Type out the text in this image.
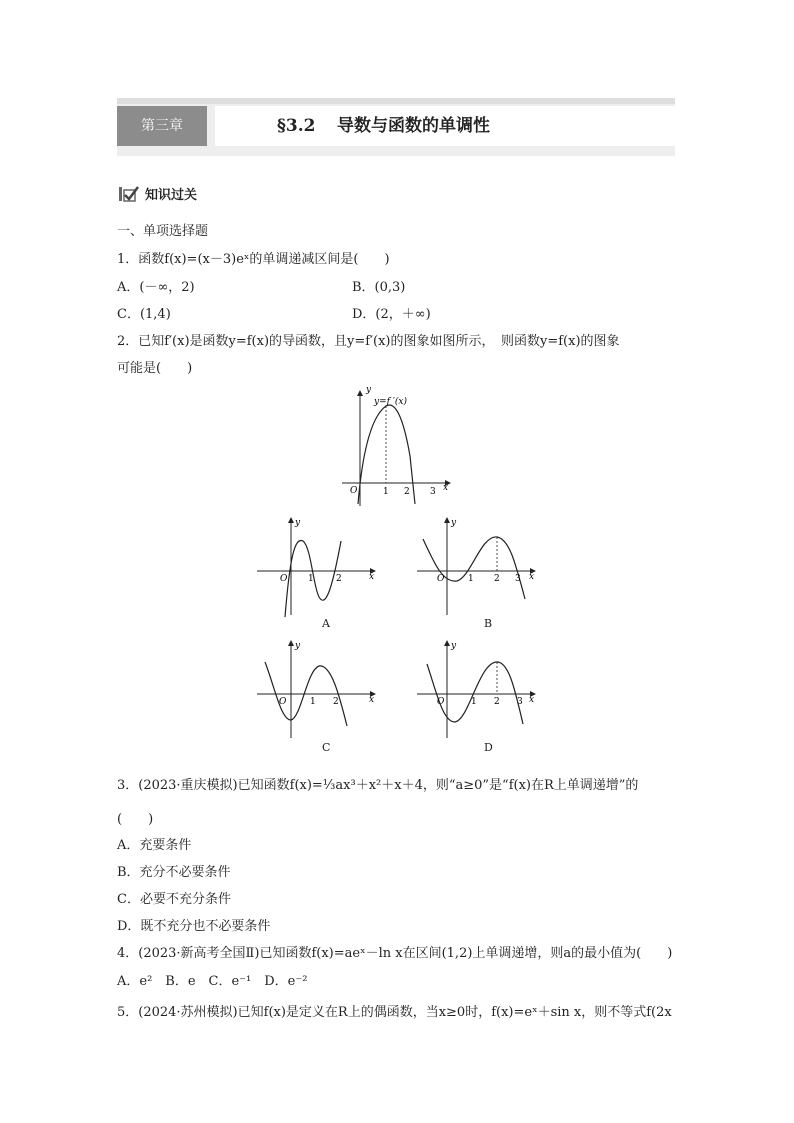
第三章	§3.2 导数与函数的单调性
知识过关
一、单项选择题
1．函数f(x)=(x－3)eˣ的单调递减区间是(　　)
A．(－∞，2)	B．(0,3)
C．(1,4)	D．(2，＋∞)
2．已知f′(x)是函数y=f(x)的导函数，且y=f′(x)的图象如图所示，　则函数y=f(x)的图象
可能是(　　)
y
y=f ′(x)
O	1 2 3 x
y
O 1 2	x
A
y
O	1 2 3 x
B
y
O	1 2	x
C
y
O	1 2 3 x
D
3．(2023·重庆模拟)已知函数f(x)=⅓ax³＋x²＋x＋4，则“a≥0”是“f(x)在R上单调递增”的
(　　)
A．充要条件
B．充分不必要条件
C．必要不充分条件
D．既不充分也不必要条件
4．(2023·新高考全国Ⅱ)已知函数f(x)=aeˣ－ln x在区间(1,2)上单调递增，则a的最小值为(　　)
A．e²　B．e　C．e⁻¹　D．e⁻²
5．(2024·苏州模拟)已知f(x)是定义在R上的偶函数，当x≥0时，f(x)=eˣ＋sin x，则不等式f(2x
